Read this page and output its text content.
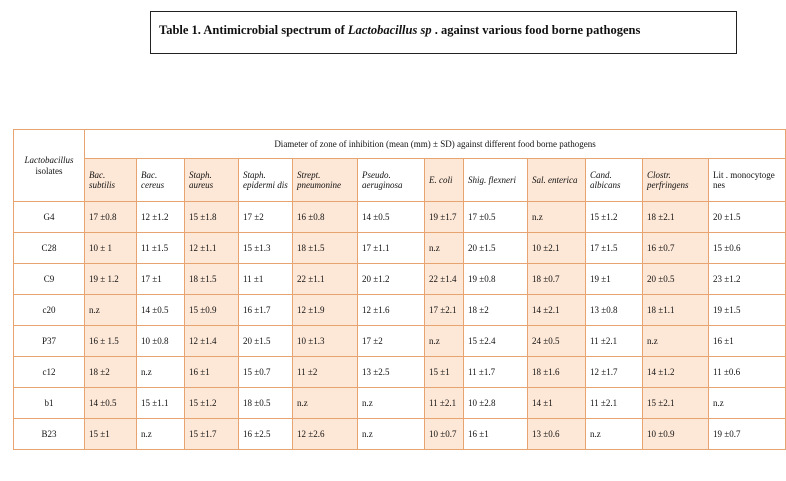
Table 1. Antimicrobial spectrum of Lactobacillus sp . against various food borne pathogens
Lactobacillus
isolates	Diameter of zone of inhibition (mean (mm) ± SD) against different food borne pathogens											
	Bac. subtilis	Bac. cereus	Staph. aureus	Staph. epidermi dis	Strept. pneumonine	Pseudo. aeruginosa	E. coli	Shig. flexneri	Sal. enterica	Cand. albicans	Clostr. perfringens	Lit . monocytoge nes
G4	17 ±0.8	12 ±1.2	15 ±1.8	17 ±2	16 ±0.8	14 ±0.5	19 ±1.7	17 ±0.5	n.z	15 ±1.2	18 ±2.1	20 ±1.5
C28	10 ± 1	11 ±1.5	12 ±1.1	15 ±1.3	18 ±1.5	17 ±1.1	n.z	20 ±1.5	10 ±2.1	17 ±1.5	16 ±0.7	15 ±0.6
C9	19 ± 1.2	17 ±1	18 ±1.5	11 ±1	22 ±1.1	20 ±1.2	22 ±1.4	19 ±0.8	18 ±0.7	19 ±1	20 ±0.5	23 ±1.2
c20	n.z	14 ±0.5	15 ±0.9	16 ±1.7	12 ±1.9	12 ±1.6	17 ±2.1	18 ±2	14 ±2.1	13 ±0.8	18 ±1.1	19 ±1.5
P37	16 ± 1.5	10 ±0.8	12 ±1.4	20 ±1.5	10 ±1.3	17 ±2	n.z	15 ±2.4	24 ±0.5	11 ±2.1	n.z	16 ±1
c12	18 ±2	n.z	16 ±1	15 ±0.7	11 ±2	13 ±2.5	15 ±1	11 ±1.7	18 ±1.6	12 ±1.7	14 ±1.2	11 ±0.6
b1	14 ±0.5	15 ±1.1	15 ±1.2	18 ±0.5	n.z	n.z	11 ±2.1	10 ±2.8	14 ±1	11 ±2.1	15 ±2.1	n.z
B23	15 ±1	n.z	15 ±1.7	16 ±2.5	12 ±2.6	n.z	10 ±0.7	16 ±1	13 ±0.6	n.z	10 ±0.9	19 ±0.7
